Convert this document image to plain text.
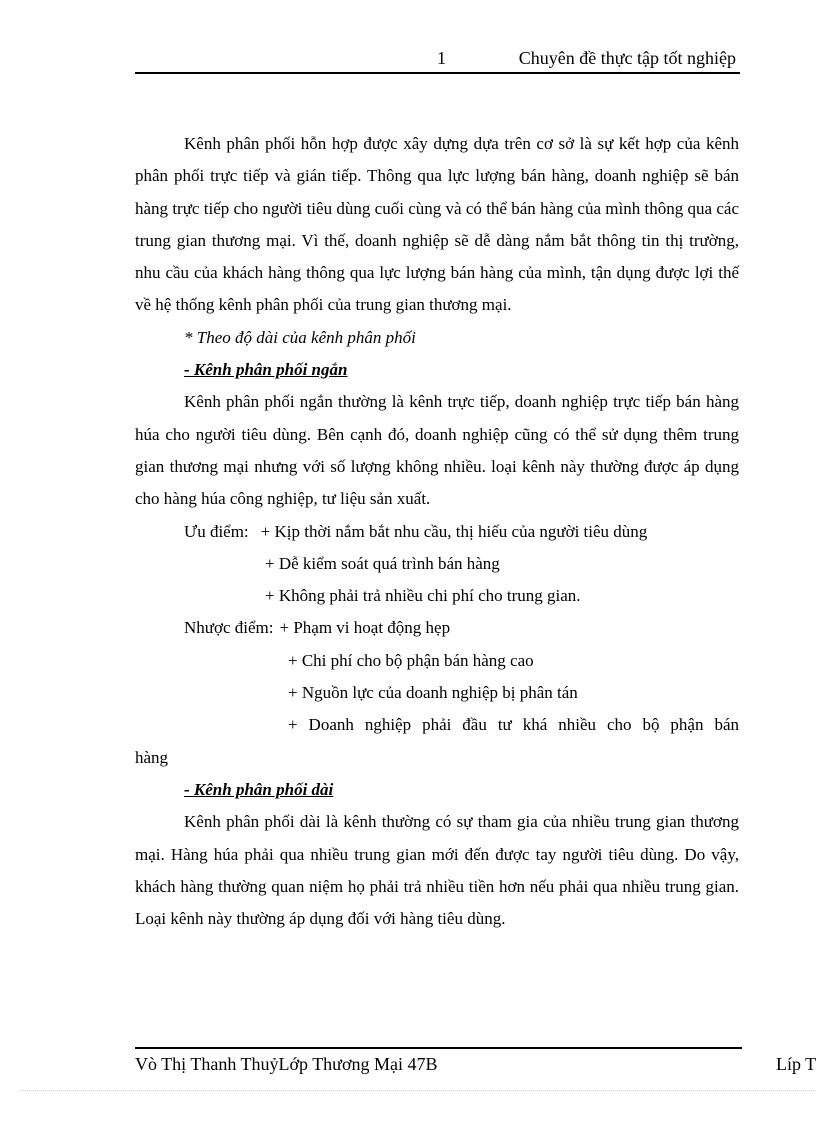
1	Chuyên đề thực tập tốt nghiệp

Kênh phân phối hỗn hợp được xây dựng dựa trên cơ sở là sự kết hợp của kênh phân phối trực tiếp và gián tiếp. Thông qua lực lượng bán hàng, doanh nghiệp sẽ bán hàng trực tiếp cho người tiêu dùng cuối cùng và có thể bán hàng của mình thông qua các trung gian thương mại. Vì thế, doanh nghiệp sẽ dễ dàng nắm bắt thông tin thị trường, nhu cầu của khách hàng thông qua lực lượng bán hàng của mình, tận dụng được lợi thế về hệ thống kênh phân phối của trung gian thương mại.

* Theo độ dài của kênh phân phối

- Kênh phân phối ngắn

Kênh phân phối ngắn thường là kênh trực tiếp, doanh nghiệp trực tiếp bán hàng húa cho người tiêu dùng. Bên cạnh đó, doanh nghiệp cũng có thể sử dụng thêm trung gian thương mại nhưng với số lượng không nhiều. loại kênh này thường được áp dụng cho hàng húa công nghiệp, tư liệu sản xuất.

Ưu điểm: + Kịp thời nắm bắt nhu cầu, thị hiếu của người tiêu dùng
+ Dễ kiểm soát quá trình bán hàng
+ Không phải trả nhiều chi phí cho trung gian.
Nhược điểm: + Phạm vi hoạt động hẹp
+ Chi phí cho bộ phận bán hàng cao
+ Nguồn lực của doanh nghiệp bị phân tán
+ Doanh nghiệp phải đầu tư khá nhiều cho bộ phận bán
hàng

- Kênh phân phối dài

Kênh phân phối dài là kênh thường có sự tham gia của nhiều trung gian thương mại. Hàng húa phải qua nhiều trung gian mới đến được tay người tiêu dùng. Do vậy, khách hàng thường quan niệm họ phải trả nhiều tiền hơn nếu phải qua nhiều trung gian. Loại kênh này thường áp dụng đối với hàng tiêu dùng.

Vò Thị Thanh ThuỷLớp Thương Mại 47B	Líp T
